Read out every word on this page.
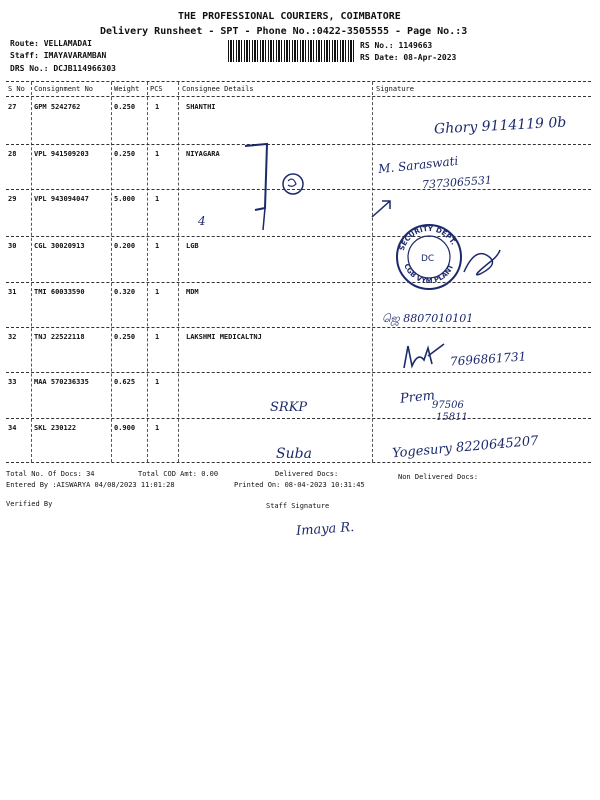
THE PROFESSIONAL COURIERS, COIMBATORE
Delivery Runsheet - SPT - Phone No.:0422-3505555 - Page No.:3
Route: VELLAMADAI
Staff: IMAYAVARAMBAN
DRS No.: DCJB114966303
RS No.: 1149663
RS Date: 08-Apr-2023
S No Consignment No	Weight PCS	Consignee Details	Signature
27	GPM 5242762	0.250	1	SHANTHI
28	VPL 941509203	0.250	1	NIYAGARA
29	VPL 943094047	5.000	1
30	CGL 30020913	0.200	1	LGB
31	TMI 60033590	0.320	1	MDM
32	TNJ 22522118	0.250	1	LAKSHMI MEDICALTNJ
33	MAA 570236335	0.625	1
34	SKL 230122	0.900	1
Ghory 9114119 0b
M. Saraswati
7373065531
4
SECURITY DEPT.
CGB VYM PLANT
DC
ஜெ 8807010101
7696861731
SRKP
Prem
97506
15811
Suba	Yogesury 8220645207
Total No. Of Docs: 34	Total COD Amt: 0.00	Delivered Docs:	Non Delivered Docs:
Entered By :AISWARYA 04/08/2023 11:01:28	Printed On: 08-04-2023 10:31:45
Verified By	Staff Signature
Imaya R.
